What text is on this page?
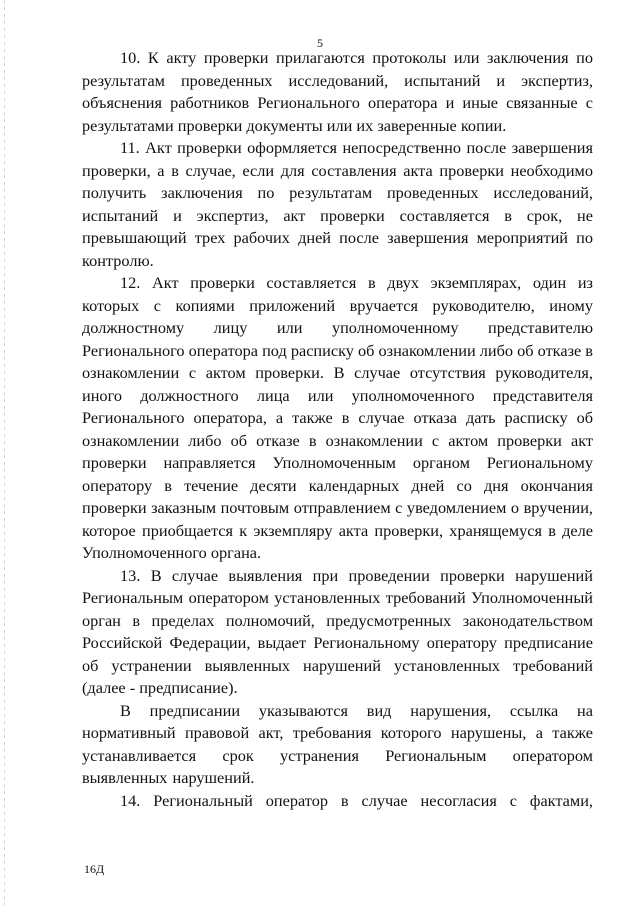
5

10. К акту проверки прилагаются протоколы или заключения по результатам проведенных исследований, испытаний и экспертиз, объяснения работников Регионального оператора и иные связанные с результатами проверки документы или их заверенные копии.

11. Акт проверки оформляется непосредственно после завершения проверки, а в случае, если для составления акта проверки необходимо получить заключения по результатам проведенных исследований, испытаний и экспертиз, акт проверки составляется в срок, не превышающий трех рабочих дней после завершения мероприятий по контролю.

12. Акт проверки составляется в двух экземплярах, один из которых с копиями приложений вручается руководителю, иному должностному лицу или уполномоченному представителю Регионального оператора под расписку об ознакомлении либо об отказе в ознакомлении с актом проверки. В случае отсутствия руководителя, иного должностного лица или уполномоченного представителя Регионального оператора, а также в случае отказа дать расписку об ознакомлении либо об отказе в ознакомлении с актом проверки акт проверки направляется Уполномоченным органом Региональному оператору в течение десяти календарных дней со дня окончания проверки заказным почтовым отправлением с уведомлением о вручении, которое приобщается к экземпляру акта проверки, хранящемуся в деле Уполномоченного органа.

13. В случае выявления при проведении проверки нарушений Региональным оператором установленных требований Уполномоченный орган в пределах полномочий, предусмотренных законодательством Российской Федерации, выдает Региональному оператору предписание об устранении выявленных нарушений установленных требований (далее - предписание).

В предписании указываются вид нарушения, ссылка на нормативный правовой акт, требования которого нарушены, а также устанавливается срок устранения Региональным оператором выявленных нарушений.

14. Региональный оператор в случае несогласия с фактами,

16Д
